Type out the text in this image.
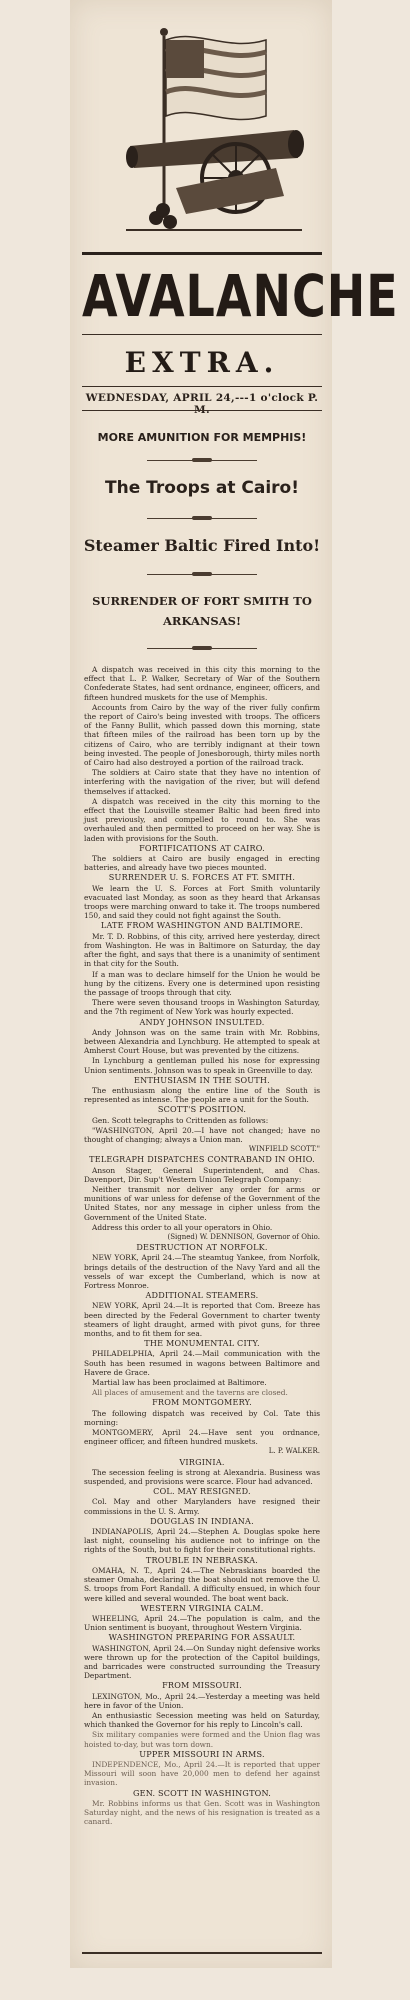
AVALANCHE
EXTRA.
WEDNESDAY, APRIL 24,---1 o'clock P. M.
MORE AMUNITION FOR MEMPHIS!
The Troops at Cairo!
Steamer Baltic Fired Into!
SURRENDER OF FORT SMITH TO ARKANSAS!

A dispatch was received in this city this morning to the effect that L. P. Walker, Secretary of War of the Southern Confederate States, had sent ordnance, engineer, officers, and fifteen hundred muskets for the use of Memphis.

Accounts from Cairo by the way of the river fully confirm the report of Cairo's being invested with troops. The officers of the Fanny Bullit, which passed down this morning, state that fifteen miles of the railroad has been torn up by the citizens of Cairo, who are terribly indignant at their town being invested. The people of Jonesborough, thirty miles north of Cairo had also destroyed a portion of the railroad track.

The soldiers at Cairo state that they have no intention of interfering with the navigation of the river, but will defend themselves if attacked.

A dispatch was received in the city this morning to the effect that the Louisville steamer Baltic had been fired into just previously, and compelled to round to. She was overhauled and then permitted to proceed on her way. She is laden with provisions for the South.

FORTIFICATIONS AT CAIRO.

The soldiers at Cairo are busily engaged in erecting batteries, and already have two pieces mounted.

SURRENDER U. S. FORCES AT FT. SMITH.

We learn the U. S. Forces at Fort Smith voluntarily evacuated last Monday, as soon as they heard that Arkansas troops were marching onward to take it. The troops numbered 150, and said they could not fight against the South.

LATE FROM WASHINGTON AND BALTIMORE.

Mr. T. D. Robbins, of this city, arrived here yesterday, direct from Washington. He was in Baltimore on Saturday, the day after the fight, and says that there is a unanimity of sentiment in that city for the South.

If a man was to declare himself for the Union he would be hung by the citizens. Every one is determined upon resisting the passage of troops through that city.

There were seven thousand troops in Washington Saturday, and the 7th regiment of New York was hourly expected.

ANDY JOHNSON INSULTED.

Andy Johnson was on the same train with Mr. Robbins, between Alexandria and Lynchburg. He attempted to speak at Amherst Court House, but was prevented by the citizens.

In Lynchburg a gentleman pulled his nose for expressing Union sentiments. Johnson was to speak in Greenville to day.

ENTHUSIASM IN THE SOUTH.

The enthusiasm along the entire line of the South is represented as intense. The people are a unit for the South.

SCOTT'S POSITION.

Gen. Scott telegraphs to Crittenden as follows:

"WASHINGTON, April 20.—I have not changed; have no thought of changing; always a Union man.

WINFIELD SCOTT."

TELEGRAPH DISPATCHES CONTRABAND IN OHIO.

Anson Stager, General Superintendent, and Chas. Davenport, Dir. Sup't Western Union Telegraph Company:

Neither transmit nor deliver any order for arms or munitions of war unless for defense of the Government of the United States, nor any message in cipher unless from the Government of the United State.

Address this order to all your operators in Ohio.

(Signed) W. DENNISON, Governor of Ohio.

DESTRUCTION AT NORFOLK.

NEW YORK, April 24.—The steamtug Yankee, from Norfolk, brings details of the destruction of the Navy Yard and all the vessels of war except the Cumberland, which is now at Fortress Monroe.

ADDITIONAL STEAMERS.

NEW YORK, April 24.—It is reported that Com. Breeze has been directed by the Federal Government to charter twenty steamers of light draught, armed with pivot guns, for three months, and to fit them for sea.

THE MONUMENTAL CITY.

PHILADELPHIA, April 24.—Mail communication with the South has been resumed in wagons between Baltimore and Havere de Grace.

Martial law has been proclaimed at Baltimore.

All places of amusement and the taverns are closed.

FROM MONTGOMERY.

The following dispatch was received by Col. Tate this morning:

MONTGOMERY, April 24.—Have sent you ordnance, engineer officer, and fifteen hundred muskets.

L. P. WALKER.

VIRGINIA.

The secession feeling is strong at Alexandria. Business was suspended, and provisions were scarce. Flour had advanced.

COL. MAY RESIGNED.

Col. May and other Marylanders have resigned their commissions in the U. S. Army.

DOUGLAS IN INDIANA.

INDIANAPOLIS, April 24.—Stephen A. Douglas spoke here last night, counseling his audience not to infringe on the rights of the South, but to fight for their constitutional rights.

TROUBLE IN NEBRASKA.

OMAHA, N. T., April 24.—The Nebraskians boarded the steamer Omaha, declaring the boat should not remove the U. S. troops from Fort Randall. A difficulty ensued, in which four were killed and several wounded. The boat went back.

WESTERN VIRGINIA CALM.

WHEELING, April 24.—The population is calm, and the Union sentiment is buoyant, throughout Western Virginia.

WASHINGTON PREPARING FOR ASSAULT.

WASHINGTON, April 24.—On Sunday night defensive works were thrown up for the protection of the Capitol buildings, and barricades were constructed surrounding the Treasury Department.

FROM MISSOURI.

LEXINGTON, Mo., April 24.—Yesterday a meeting was held here in favor of the Union.

An enthusiastic Secession meeting was held on Saturday, which thanked the Governor for his reply to Lincoln's call.

Six military companies were formed and the Union flag was hoisted to-day, but was torn down.

UPPER MISSOURI IN ARMS.

INDEPENDENCE, Mo., April 24.—It is reported that upper Missouri will soon have 20,000 men to defend her against invasion.

GEN. SCOTT IN WASHINGTON.

Mr. Robbins informs us that Gen. Scott was in Washington Saturday night, and the news of his resignation is treated as a canard.
